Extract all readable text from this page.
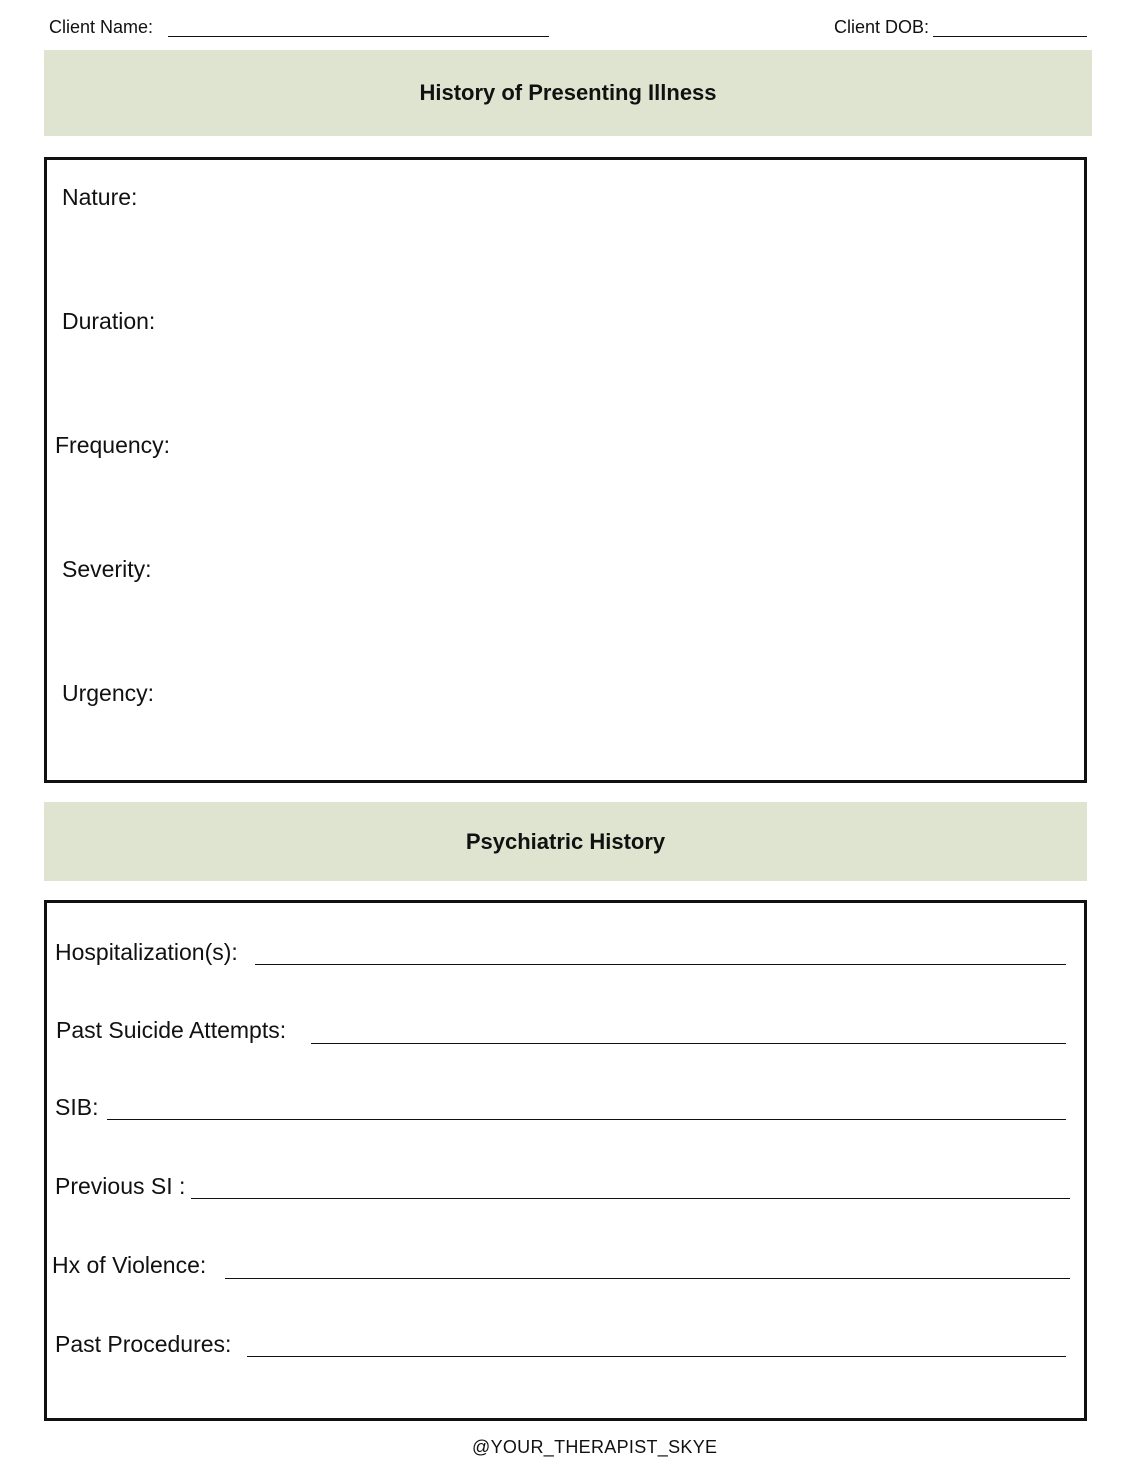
Client Name:	Client DOB:
History of Presenting Illness
Nature:
Duration:
Frequency:
Severity:
Urgency:
Psychiatric History
Hospitalization(s):
Past Suicide Attempts:
SIB:
Previous SI :
Hx of Violence:
Past Procedures:
@YOUR_THERAPIST_SKYE
